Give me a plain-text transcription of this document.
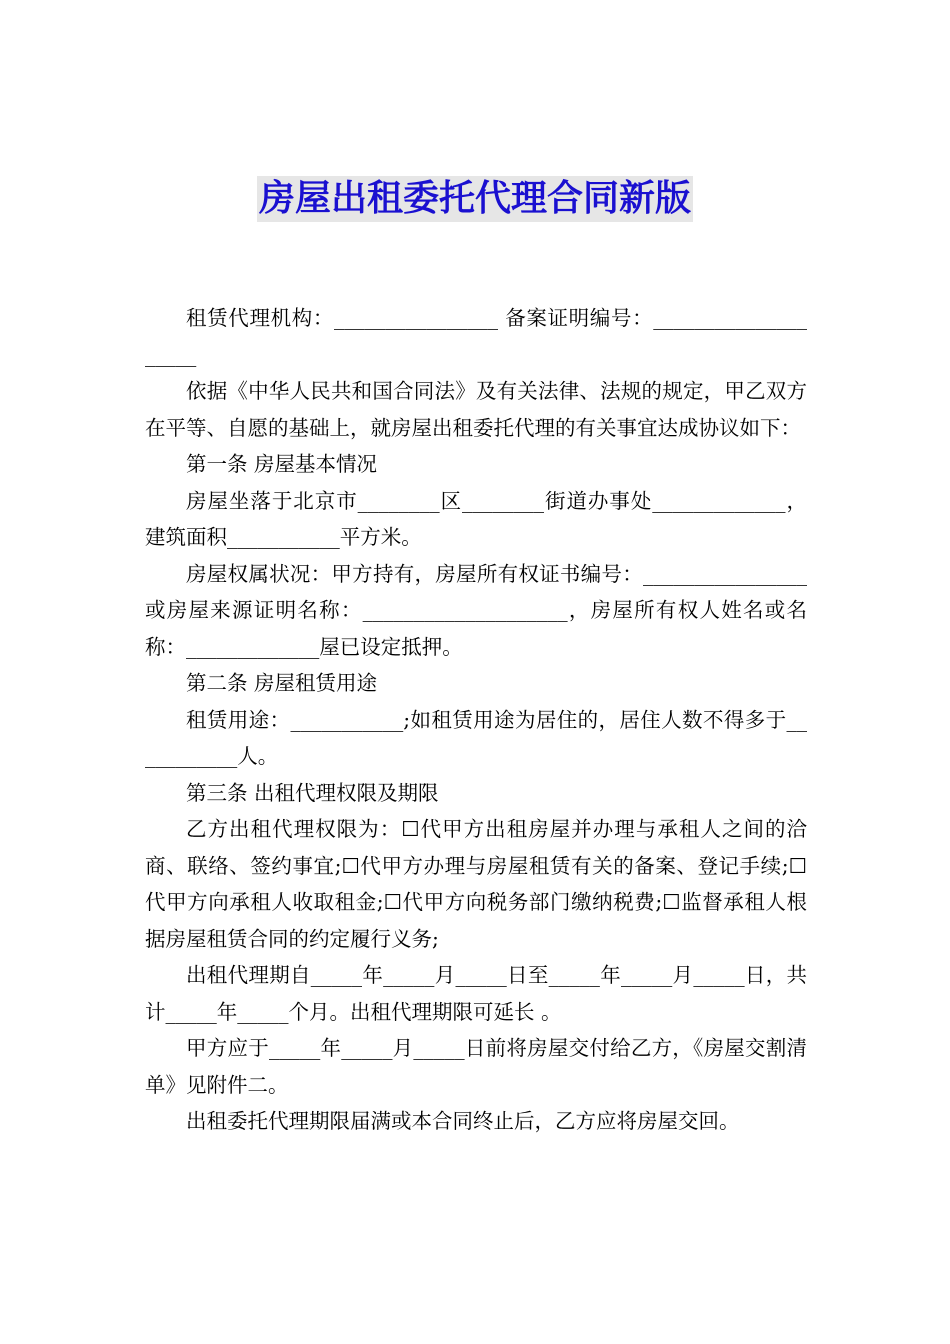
房屋出租委托代理合同新版

租赁代理机构：________________ 备案证明编号：____________________

依据《中华人民共和国合同法》及有关法律、法规的规定，甲乙双方在平等、自愿的基础上，就房屋出租委托代理的有关事宜达成协议如下：

第一条 房屋基本情况

房屋坐落于北京市________区________街道办事处_____________，建筑面积___________平方米。

房屋权属状况：甲方持有，房屋所有权证书编号：________________或房屋来源证明名称：____________________，房屋所有权人姓名或名称：_____________屋已设定抵押。

第二条 房屋租赁用途

租赁用途：___________;如租赁用途为居住的，居住人数不得多于___________人。

第三条 出租代理权限及期限

乙方出租代理权限为：☐代甲方出租房屋并办理与承租人之间的洽商、联络、签约事宜;☐代甲方办理与房屋租赁有关的备案、登记手续;☐代甲方向承租人收取租金;☐代甲方向税务部门缴纳税费;☐监督承租人根据房屋租赁合同的约定履行义务;

出租代理期自_____年_____月_____日至_____年_____月_____日，共计_____年_____个月。出租代理期限可延长 。

甲方应于_____年_____月_____日前将房屋交付给乙方，《房屋交割清单》见附件二。

出租委托代理期限届满或本合同终止后，乙方应将房屋交回。
